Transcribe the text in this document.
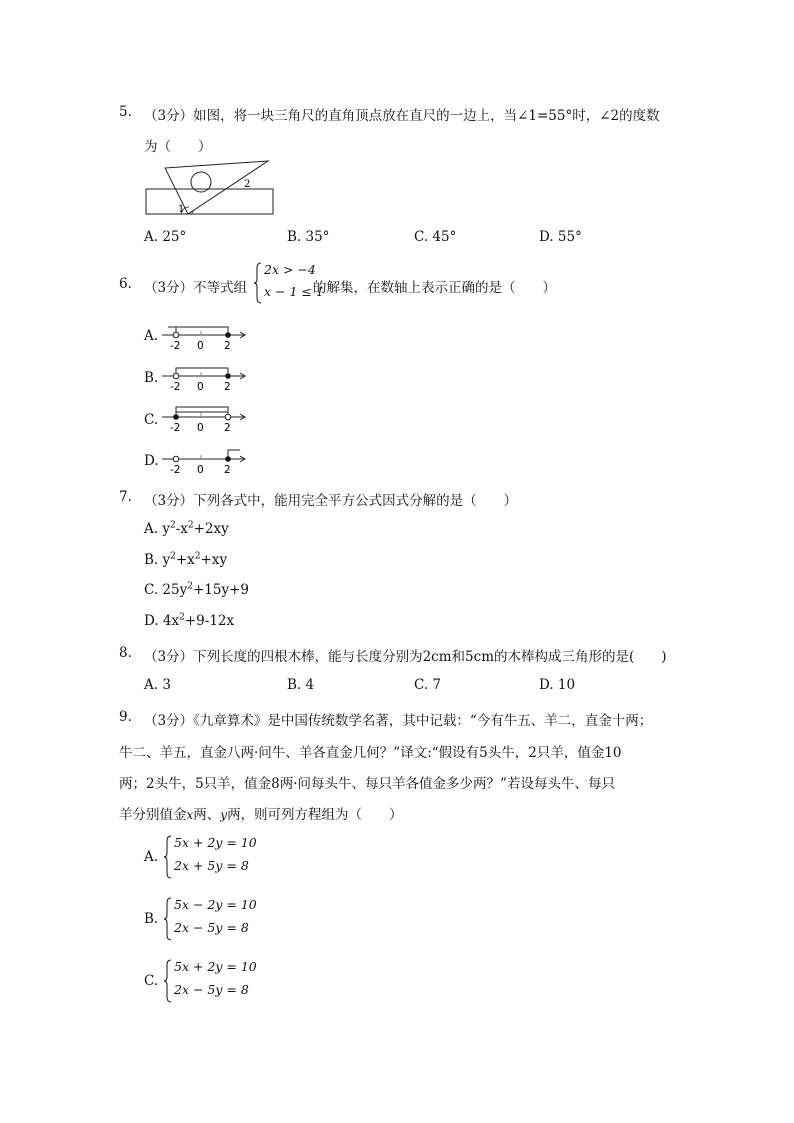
5. （3分）如图，将一块三角尺的直角顶点放在直尺的一边上，当∠1=55°时，∠2的度数
为（　　）
1
2
A. 25°	B. 35°	C. 45°	D. 55°
6. （3分）不等式组
2x > −4
x − 1 ≤ 1
的解集，在数轴上表示正确的是（　　）
A.
-2 0 2
B.
-2 0 2
C. -2 0 2
D.
-2 0 2
7. （3分）下列各式中，能用完全平方公式因式分解的是（　　）
A. $y^2-x^2+2xy$
B. $y^2+x^2+xy$
C. $25y^2+15y+9$
D. $4x^2+9-12x$
8. （3分）下列长度的四根木棒，能与长度分别为2cm和5cm的木棒构成三角形的是(　　)
A. 3	B. 4	C. 7	D. 10
9. （3分）《九章算术》是中国传统数学名著，其中记载：“今有牛五、羊二，直金十两；
牛二、羊五，直金八两·问牛、羊各直金几何？”译文:“假设有5头牛，2只羊，值金10
两；2头牛，5只羊，值金8两·问每头牛、每只羊各值金多少两？”若设每头牛、每只
羊分别值金x两、y两，则可列方程组为（　　）
A.
5x + 2y = 10
2x + 5y = 8
B.
5x − 2y = 10
2x − 5y = 8
C.
5x + 2y = 10
2x − 5y = 8
